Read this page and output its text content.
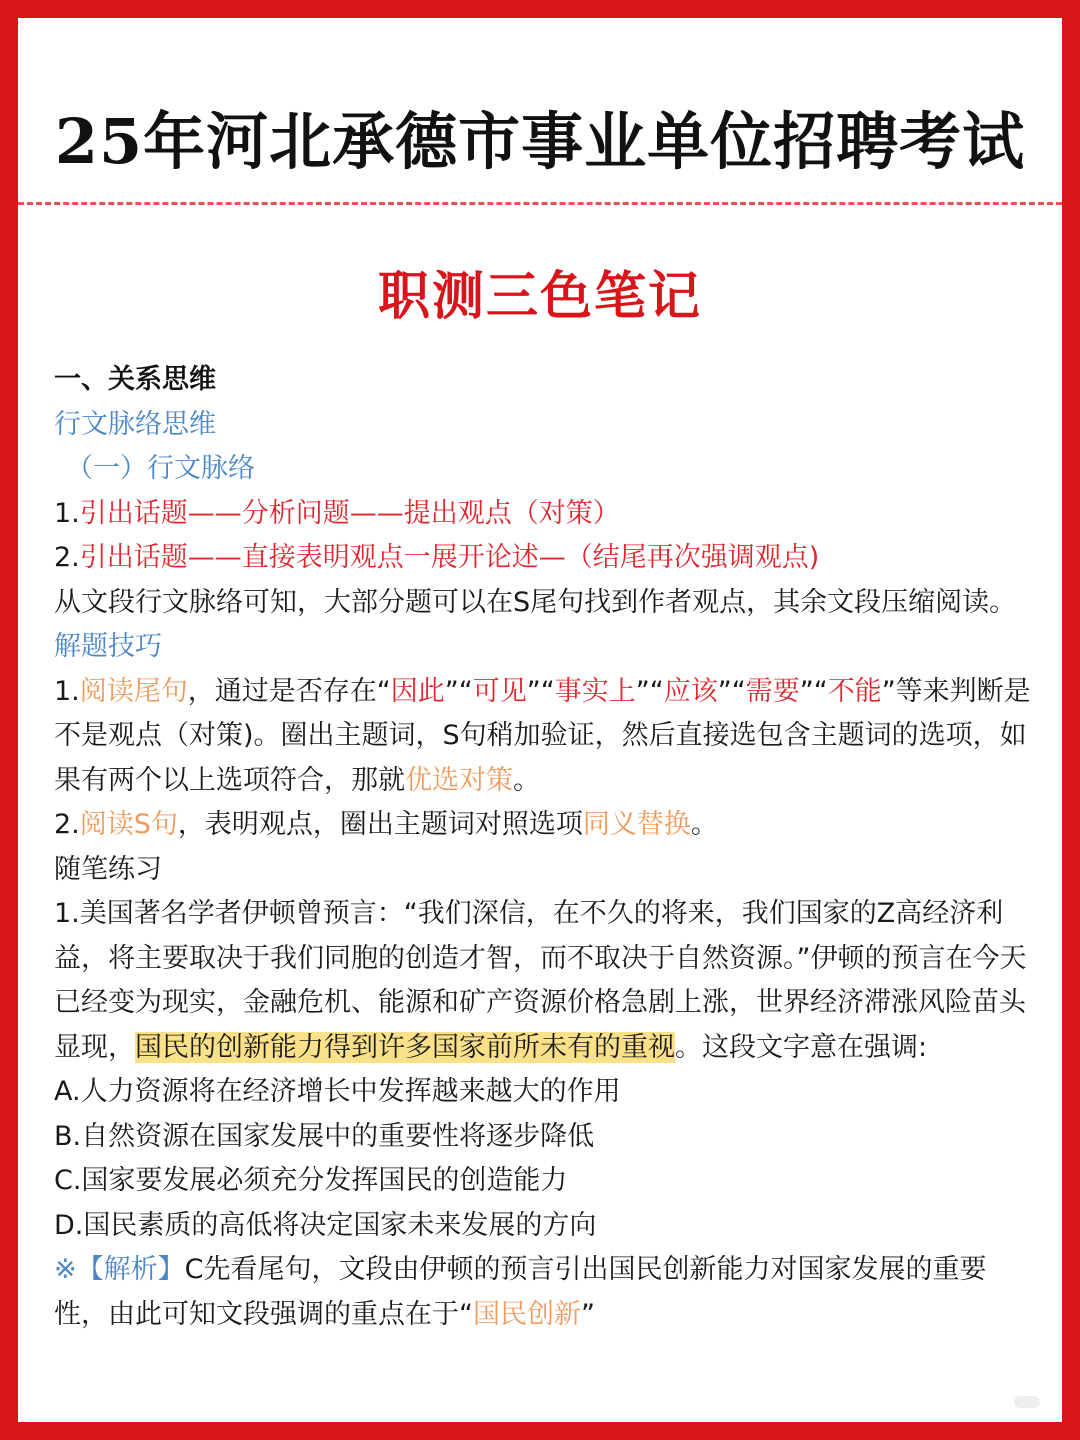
25年河北承德市事业单位招聘考试
职测三色笔记
一、关系思维
行文脉络思维
（一）行文脉络
1.引出话题——分析问题——提出观点（对策）
2.引出话题——直接表明观点一展开论述—（结尾再次强调观点)
从文段行文脉络可知，大部分题可以在S尾句找到作者观点，其余文段压缩阅读。
解题技巧
1.阅读尾句，通过是否存在“因此”“可见”“事实上”“应该”“需要”“不能”等来判断是不是观点（对策)。圈出主题词，S句稍加验证，然后直接选包含主题词的选项，如果有两个以上选项符合，那就优选对策。
2.阅读S句，表明观点，圈出主题词对照选项同义替换。
随笔练习
1.美国著名学者伊顿曾预言：“我们深信，在不久的将来，我们国家的Z高经济利益，将主要取决于我们同胞的创造才智，而不取决于自然资源。”伊顿的预言在今天已经变为现实，金融危机、能源和矿产资源价格急剧上涨，世界经济滞涨风险苗头显现，国民的创新能力得到许多国家前所未有的重视。这段文字意在强调:
A.人力资源将在经济增长中发挥越来越大的作用
B.自然资源在国家发展中的重要性将逐步降低
C.国家要发展必须充分发挥国民的创造能力
D.国民素质的高低将决定国家未来发展的方向
※【解析】C先看尾句，文段由伊顿的预言引出国民创新能力对国家发展的重要性，由此可知文段强调的重点在于“国民创新”
